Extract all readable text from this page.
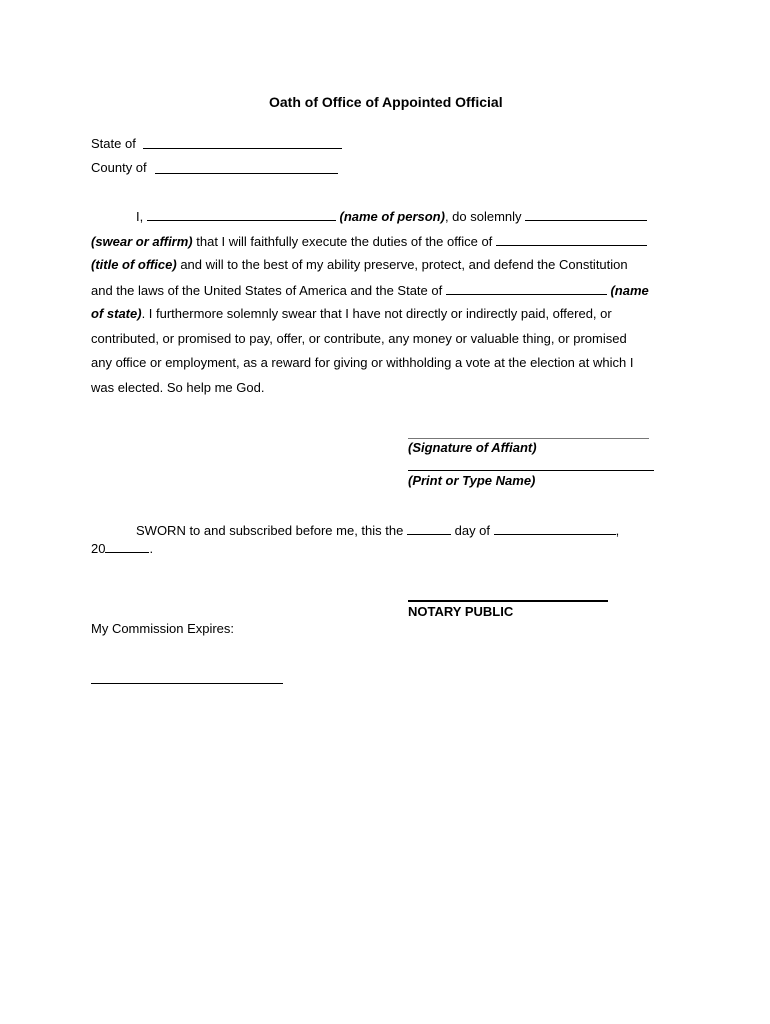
Oath of Office of Appointed Official
State of
County of
I,	(name of person), do solemnly
(swear or affirm) that I will faithfully execute the duties of the office of
(title of office) and will to the best of my ability preserve, protect, and defend the Constitution
and the laws of the United States of America and the State of	(name
of state). I furthermore solemnly swear that I have not directly or indirectly paid, offered, or
contributed, or promised to pay, offer, or contribute, any money or valuable thing, or promised
any office or employment, as a reward for giving or withholding a vote at the election at which I
was elected. So help me God.
(Signature of Affiant)
(Print or Type Name)
SWORN to and subscribed before me, this the	day of	,
20	.
NOTARY PUBLIC
My Commission Expires:
